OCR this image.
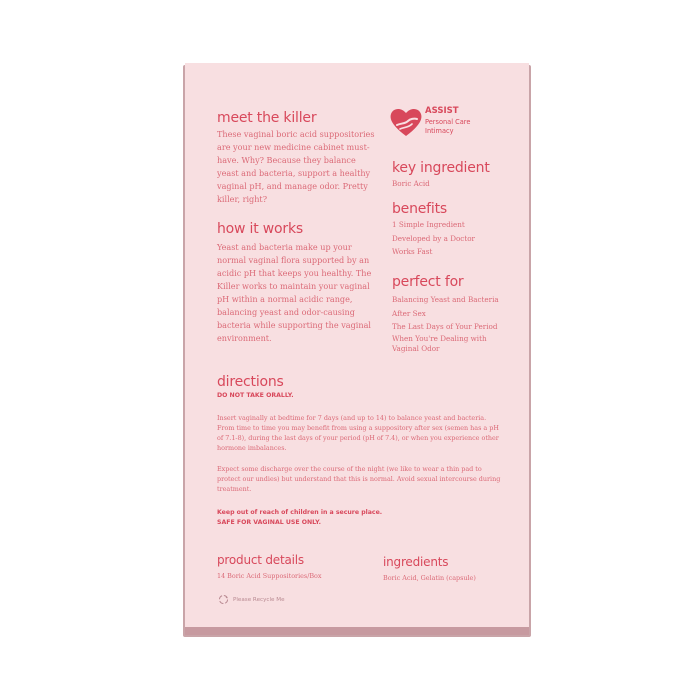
meet the killer
These vaginal boric acid suppositories are your new medicine cabinet must-have. Why? Because they balance yeast and bacteria, support a healthy vaginal pH, and manage odor. Pretty killer, right?
how it works
Yeast and bacteria make up your normal vaginal flora supported by an acidic pH that keeps you healthy. The Killer works to maintain your vaginal pH within a normal acidic range, balancing yeast and odor-causing bacteria while supporting the vaginal environment.
ASSIST
Personal Care
Intimacy
key ingredient
Boric Acid
benefits
1 Simple Ingredient
Developed by a Doctor
Works Fast
perfect for
Balancing Yeast and Bacteria
After Sex
The Last Days of Your Period
When You're Dealing with
Vaginal Odor
directions
DO NOT TAKE ORALLY.
Insert vaginally at bedtime for 7 days (and up to 14) to balance yeast and bacteria. From time to time you may benefit from using a suppository after sex (semen has a pH of 7.1-8), during the last days of your period (pH of 7.4), or when you experience other hormone imbalances.
Expect some discharge over the course of the night (we like to wear a thin pad to protect our undies) but understand that this is normal. Avoid sexual intercourse during treatment.
Keep out of reach of children in a secure place.
SAFE FOR VAGINAL USE ONLY.
product details
14 Boric Acid Suppositories/Box
ingredients
Boric Acid, Gelatin (capsule)
Please Recycle Me
